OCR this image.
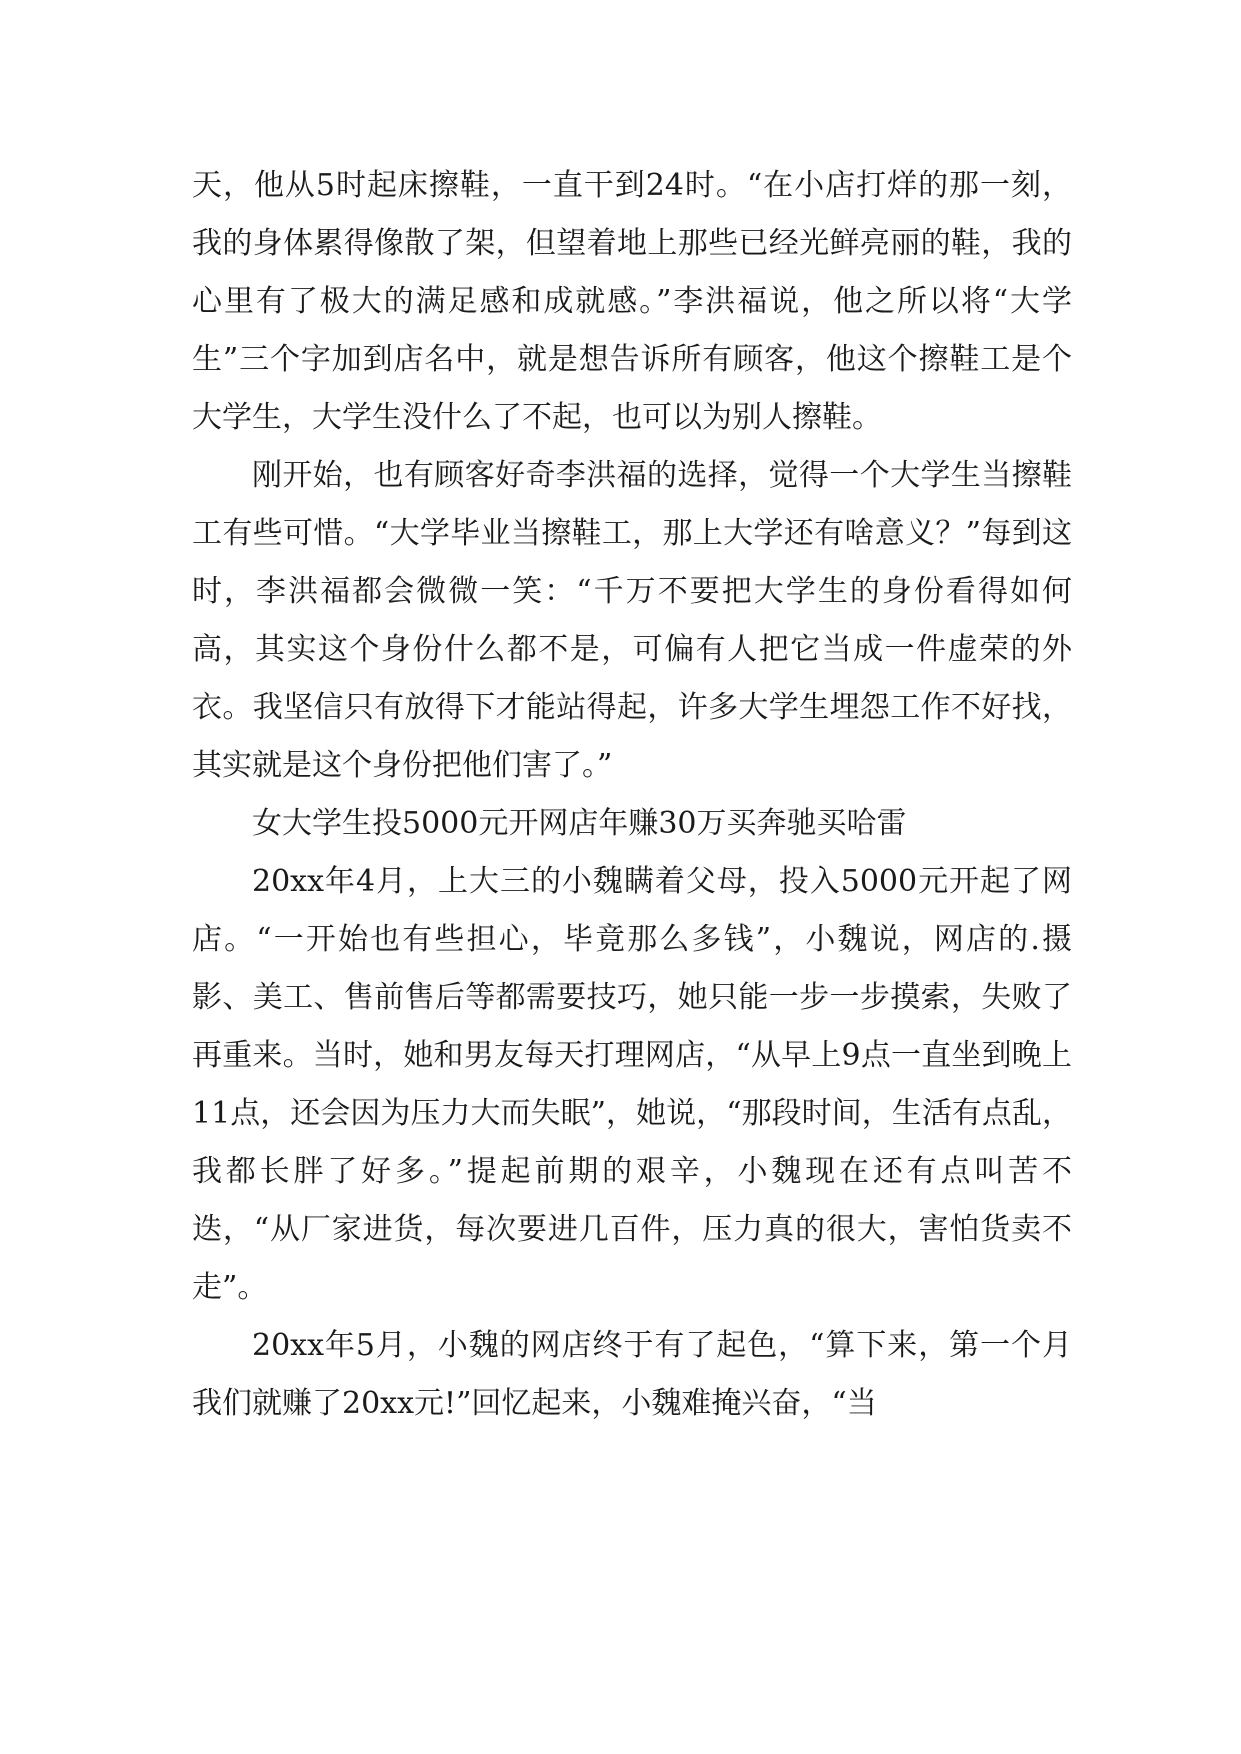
天，他从5时起床擦鞋，一直干到24时。“在小店打烊的那一刻，我的身体累得像散了架，但望着地上那些已经光鲜亮丽的鞋，我的心里有了极大的满足感和成就感。”李洪福说，他之所以将“大学生”三个字加到店名中，就是想告诉所有顾客，他这个擦鞋工是个大学生，大学生没什么了不起，也可以为别人擦鞋。

刚开始，也有顾客好奇李洪福的选择，觉得一个大学生当擦鞋工有些可惜。“大学毕业当擦鞋工，那上大学还有啥意义？”每到这时，李洪福都会微微一笑：“千万不要把大学生的身份看得如何高，其实这个身份什么都不是，可偏有人把它当成一件虚荣的外衣。我坚信只有放得下才能站得起，许多大学生埋怨工作不好找，其实就是这个身份把他们害了。”

女大学生投5000元开网店年赚30万买奔驰买哈雷

20xx年4月，上大三的小魏瞒着父母，投入5000元开起了网店。“一开始也有些担心，毕竟那么多钱”，小魏说，网店的.摄影、美工、售前售后等都需要技巧，她只能一步一步摸索，失败了再重来。当时，她和男友每天打理网店，“从早上9点一直坐到晚上11点，还会因为压力大而失眠”，她说，“那段时间，生活有点乱，我都长胖了好多。”提起前期的艰辛，小魏现在还有点叫苦不迭，“从厂家进货，每次要进几百件，压力真的很大，害怕货卖不走”。

20xx年5月，小魏的网店终于有了起色，“算下来，第一个月我们就赚了20xx元!”回忆起来，小魏难掩兴奋，“当
